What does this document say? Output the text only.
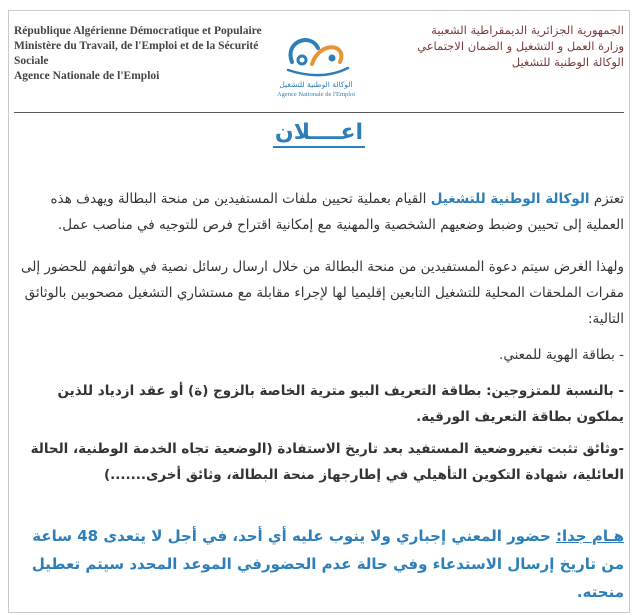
République Algérienne Démocratique et Populaire
Ministère du Travail, de l'Emploi et de la Sécurité Sociale
Agence Nationale de l'Emploi
الوكالة الوطنية للتشغيل
Agence Nationale de l'Emploi
الجمهورية الجزائرية الديمقراطية الشعبية
وزارة العمل و التشغيل و الضمان الاجتماعي
الوكالة الوطنية للتشغيل
اعــــلان
تعتزم الوكالة الوطنية للتشغيل القيام بعملية تحيين ملفات المستفيدين من منحة البطالة ويهدف هذه العملية إلى تحيين وضبط وضعيهم الشخصية والمهنية مع إمكانية اقتراح فرص للتوجيه في مناصب عمل.
ولهذا الغرض سيتم دعوة المستفيدين من منحة البطالة من خلال ارسال رسائل نصية في هواتفهم للحضور إلى مقرات الملحقات المحلية للتشغيل التابعين إقليميا لها لإجراء مقابلة مع مستشاري التشغيل مصحوبين بالوثائق التالية:
- بطاقة الهوية للمعني.
- بالنسبة للمتزوجين: بطاقة التعريف البيو مترية الخاصة بالزوج (ة) أو عقد ازدياد للذين يملكون بطاقة التعريف الورقية.
-وثائق تثبت تغيروضعية المستفيد بعد تاريخ الاستفادة (الوضعية تجاه الخدمة الوطنية، الحالة العائلية، شهادة التكوين التأهيلي في إطارجهاز منحة البطالة، وثائق أخرى.......)
هـام جدا: حضور المعني إجباري ولا ينوب عليه أي أحد، في أجل لا يتعدى 48 ساعة من تاريخ إرسال الاستدعاء وفي حالة عدم الحضورفي الموعد المحدد سيتم تعطيل منحته.
